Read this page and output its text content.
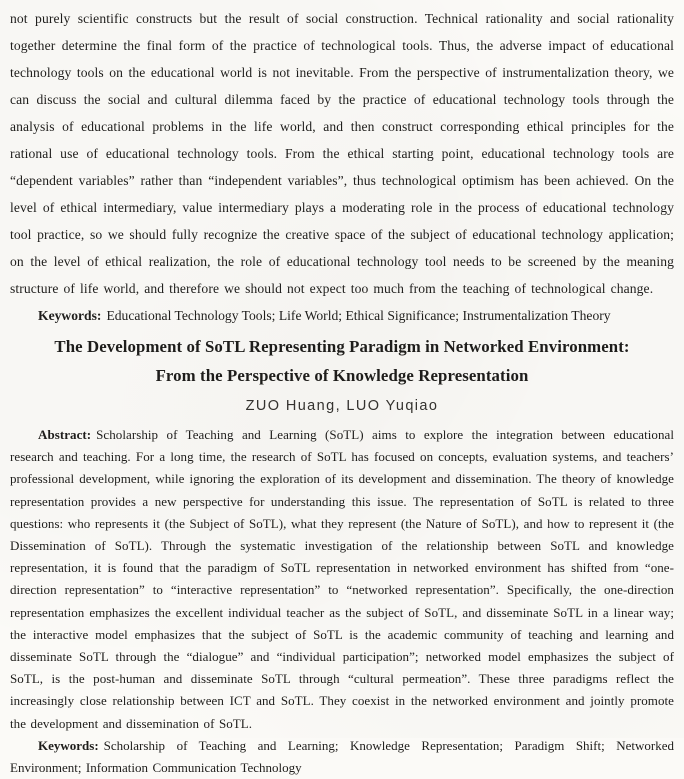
not purely scientific constructs but the result of social construction. Technical rationality and social rationality together determine the final form of the practice of technological tools. Thus, the adverse impact of educational technology tools on the educational world is not inevitable. From the perspective of instrumentalization theory, we can discuss the social and cultural dilemma faced by the practice of educational technology tools through the analysis of educational problems in the life world, and then construct corresponding ethical principles for the rational use of educational technology tools. From the ethical starting point, educational technology tools are “dependent variables” rather than “independent variables”, thus technological optimism has been achieved. On the level of ethical intermediary, value intermediary plays a moderating role in the process of educational technology tool practice, so we should fully recognize the creative space of the subject of educational technology application; on the level of ethical realization, the role of educational technology tool needs to be screened by the meaning structure of life world, and therefore we should not expect too much from the teaching of technological change.

Keywords: Educational Technology Tools; Life World; Ethical Significance; Instrumentalization Theory

The Development of SoTL Representing Paradigm in Networked Environment:
From the Perspective of Knowledge Representation
ZUO Huang, LUO Yuqiao

Abstract: Scholarship of Teaching and Learning (SoTL) aims to explore the integration between educational research and teaching. For a long time, the research of SoTL has focused on concepts, evaluation systems, and teachers’ professional development, while ignoring the exploration of its development and dissemination. The theory of knowledge representation provides a new perspective for understanding this issue. The representation of SoTL is related to three questions: who represents it (the Subject of SoTL), what they represent (the Nature of SoTL), and how to represent it (the Dissemination of SoTL). Through the systematic investigation of the relationship between SoTL and knowledge representation, it is found that the paradigm of SoTL representation in networked environment has shifted from “one-direction representation” to “interactive representation” to “networked representation”. Specifically, the one-direction representation emphasizes the excellent individual teacher as the subject of SoTL, and disseminate SoTL in a linear way; the interactive model emphasizes that the subject of SoTL is the academic community of teaching and learning and disseminate SoTL through the “dialogue” and “individual participation”; networked model emphasizes the subject of SoTL, is the post-human and disseminate SoTL through “cultural permeation”. These three paradigms reflect the increasingly close relationship between ICT and SoTL. They coexist in the networked environment and jointly promote the development and dissemination of SoTL.

Keywords: Scholarship of Teaching and Learning; Knowledge Representation; Paradigm Shift; Networked Environment; Information Communication Technology
